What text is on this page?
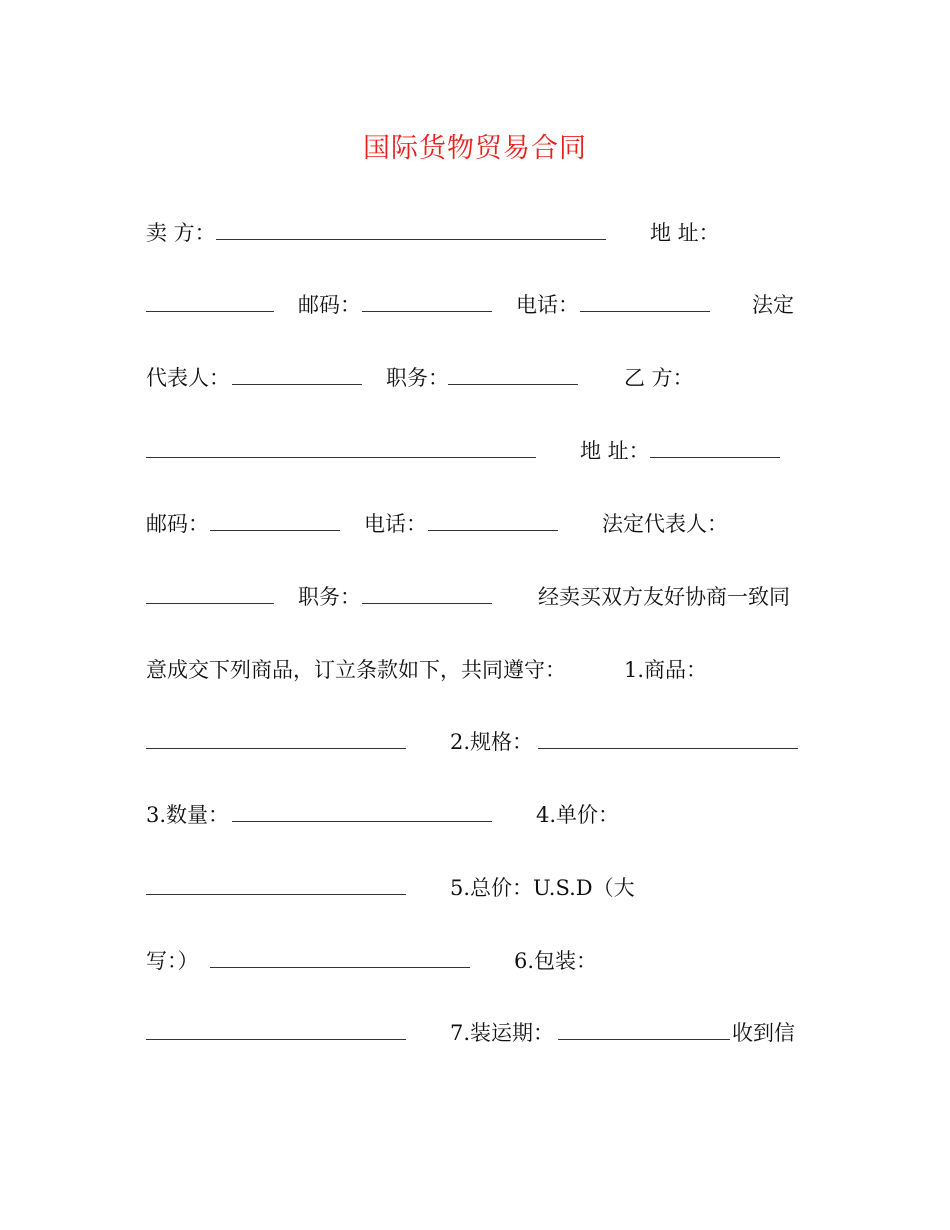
国际货物贸易合同
卖 方：	地 址：
邮码：	电话：	法定
代表人：	职务：	乙 方：
地 址：
邮码：	电话：	法定代表人：
职务：	经卖买双方友好协商一致同
意成交下列商品，订立条款如下，共同遵守：	1.商品：
2.规格：
3.数量：	4.单价：
5.总价：U.S.D（大
写：）	6.包装：
7.装运期：	收到信
